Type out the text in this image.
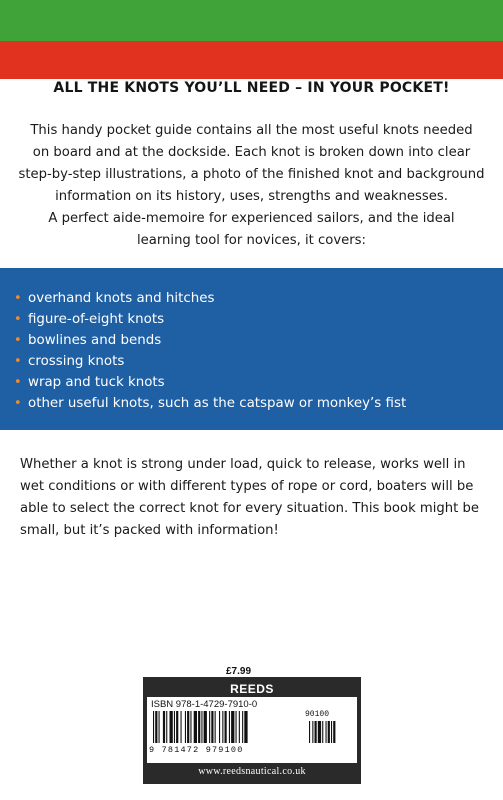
ALL THE KNOTS YOU’LL NEED – IN YOUR POCKET!
This handy pocket guide contains all the most useful knots needed
on board and at the dockside. Each knot is broken down into clear
step-by-step illustrations, a photo of the finished knot and background
information on its history, uses, strengths and weaknesses.
A perfect aide-memoire for experienced sailors, and the ideal
learning tool for novices, it covers:
• overhand knots and hitches
• figure-of-eight knots
• bowlines and bends
• crossing knots
• wrap and tuck knots
• other useful knots, such as the catspaw or monkey’s fist
Whether a knot is strong under load, quick to release, works well in
wet conditions or with different types of rope or cord, boaters will be
able to select the correct knot for every situation. This book might be
small, but it’s packed with information!
£7.99
REEDS
ISBN 978-1-4729-7910-0
90100
9 781472 979100
www.reedsnautical.co.uk
